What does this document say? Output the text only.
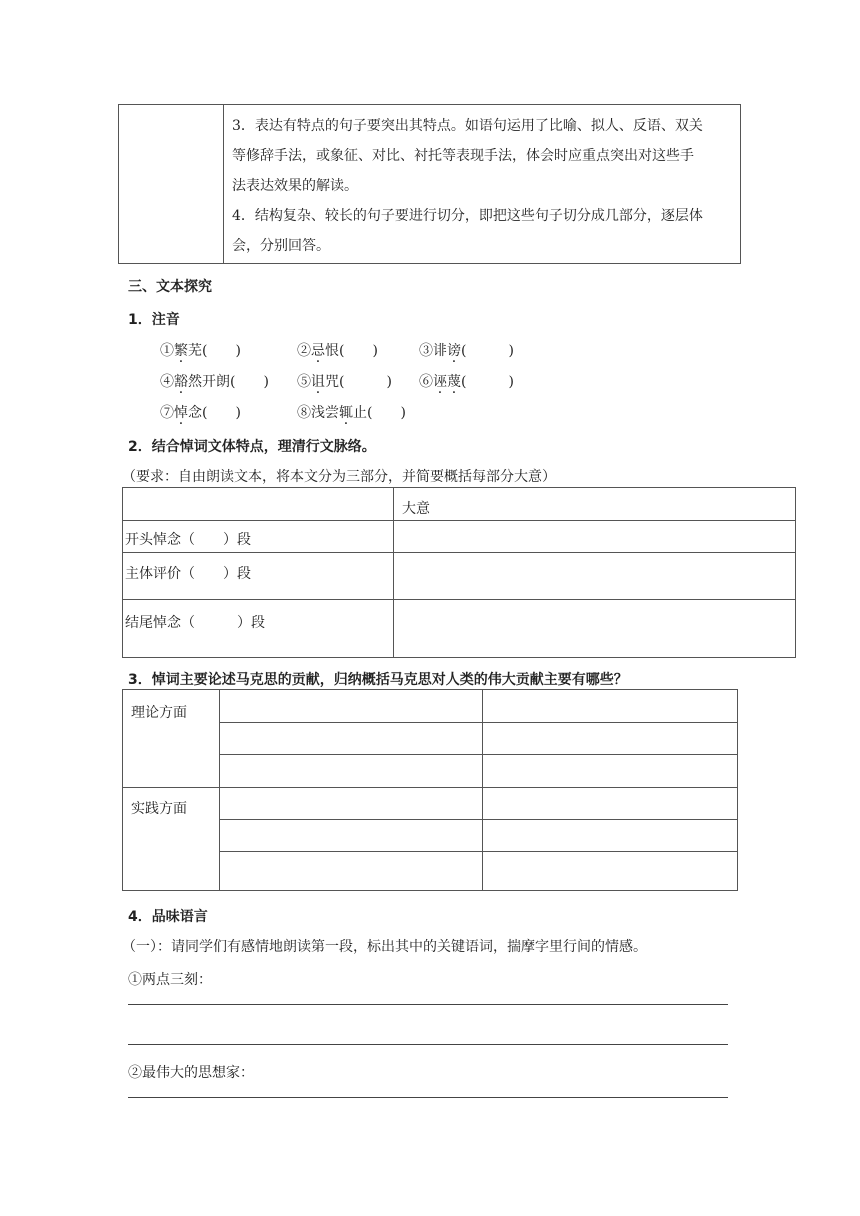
3．表达有特点的句子要突出其特点。如语句运用了比喻、拟人、反语、双关
等修辞手法，或象征、对比、衬托等表现手法，体会时应重点突出对这些手
法表达效果的解读。
4．结构复杂、较长的句子要进行切分，即把这些句子切分成几部分，逐层体
会，分别回答。
三、文本探究
1．注音
①繁芜(　　)	②忌恨(　　)	③诽谤(　　　)
④豁然开朗(　　) ⑤诅咒(　　　) ⑥诬蔑(　　　)
⑦悼念(　　)	⑧浅尝辄止(　　)
2．结合悼词文体特点，理清行文脉络。
（要求：自由朗读文本，将本文分为三部分，并简要概括每部分大意）
	大意
开头悼念（　　）段	
主体评价（　　）段	
结尾悼念（　　　）段	
3．悼词主要论述马克思的贡献，归纳概括马克思对人类的伟大贡献主要有哪些？
理论方面		

实践方面		

4．品味语言
（一）：请同学们有感情地朗读第一段，标出其中的关键语词，揣摩字里行间的情感。
①两点三刻：
②最伟大的思想家：
